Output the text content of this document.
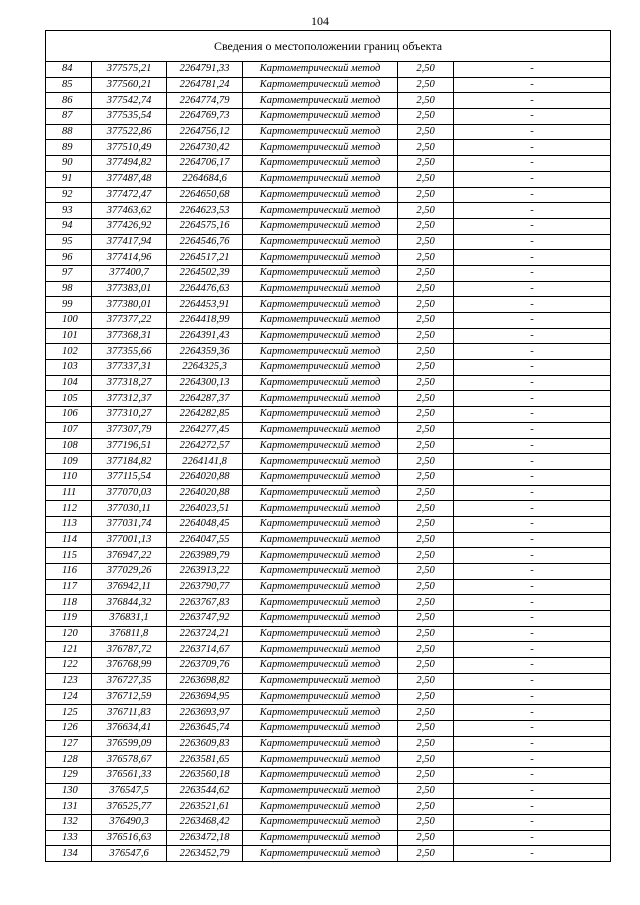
104
Сведения о местоположении границ объекта					
84	377575,21	2264791,33	Картометрический метод	2,50	-
85	377560,21	2264781,24	Картометрический метод	2,50	-
86	377542,74	2264774,79	Картометрический метод	2,50	-
87	377535,54	2264769,73	Картометрический метод	2,50	-
88	377522,86	2264756,12	Картометрический метод	2,50	-
89	377510,49	2264730,42	Картометрический метод	2,50	-
90	377494,82	2264706,17	Картометрический метод	2,50	-
91	377487,48	2264684,6	Картометрический метод	2,50	-
92	377472,47	2264650,68	Картометрический метод	2,50	-
93	377463,62	2264623,53	Картометрический метод	2,50	-
94	377426,92	2264575,16	Картометрический метод	2,50	-
95	377417,94	2264546,76	Картометрический метод	2,50	-
96	377414,96	2264517,21	Картометрический метод	2,50	-
97	377400,7	2264502,39	Картометрический метод	2,50	-
98	377383,01	2264476,63	Картометрический метод	2,50	-
99	377380,01	2264453,91	Картометрический метод	2,50	-
100	377377,22	2264418,99	Картометрический метод	2,50	-
101	377368,31	2264391,43	Картометрический метод	2,50	-
102	377355,66	2264359,36	Картометрический метод	2,50	-
103	377337,31	2264325,3	Картометрический метод	2,50	-
104	377318,27	2264300,13	Картометрический метод	2,50	-
105	377312,37	2264287,37	Картометрический метод	2,50	-
106	377310,27	2264282,85	Картометрический метод	2,50	-
107	377307,79	2264277,45	Картометрический метод	2,50	-
108	377196,51	2264272,57	Картометрический метод	2,50	-
109	377184,82	2264141,8	Картометрический метод	2,50	-
110	377115,54	2264020,88	Картометрический метод	2,50	-
111	377070,03	2264020,88	Картометрический метод	2,50	-
112	377030,11	2264023,51	Картометрический метод	2,50	-
113	377031,74	2264048,45	Картометрический метод	2,50	-
114	377001,13	2264047,55	Картометрический метод	2,50	-
115	376947,22	2263989,79	Картометрический метод	2,50	-
116	377029,26	2263913,22	Картометрический метод	2,50	-
117	376942,11	2263790,77	Картометрический метод	2,50	-
118	376844,32	2263767,83	Картометрический метод	2,50	-
119	376831,1	2263747,92	Картометрический метод	2,50	-
120	376811,8	2263724,21	Картометрический метод	2,50	-
121	376787,72	2263714,67	Картометрический метод	2,50	-
122	376768,99	2263709,76	Картометрический метод	2,50	-
123	376727,35	2263698,82	Картометрический метод	2,50	-
124	376712,59	2263694,95	Картометрический метод	2,50	-
125	376711,83	2263693,97	Картометрический метод	2,50	-
126	376634,41	2263645,74	Картометрический метод	2,50	-
127	376599,09	2263609,83	Картометрический метод	2,50	-
128	376578,67	2263581,65	Картометрический метод	2,50	-
129	376561,33	2263560,18	Картометрический метод	2,50	-
130	376547,5	2263544,62	Картометрический метод	2,50	-
131	376525,77	2263521,61	Картометрический метод	2,50	-
132	376490,3	2263468,42	Картометрический метод	2,50	-
133	376516,63	2263472,18	Картометрический метод	2,50	-
134	376547,6	2263452,79	Картометрический метод	2,50	-
